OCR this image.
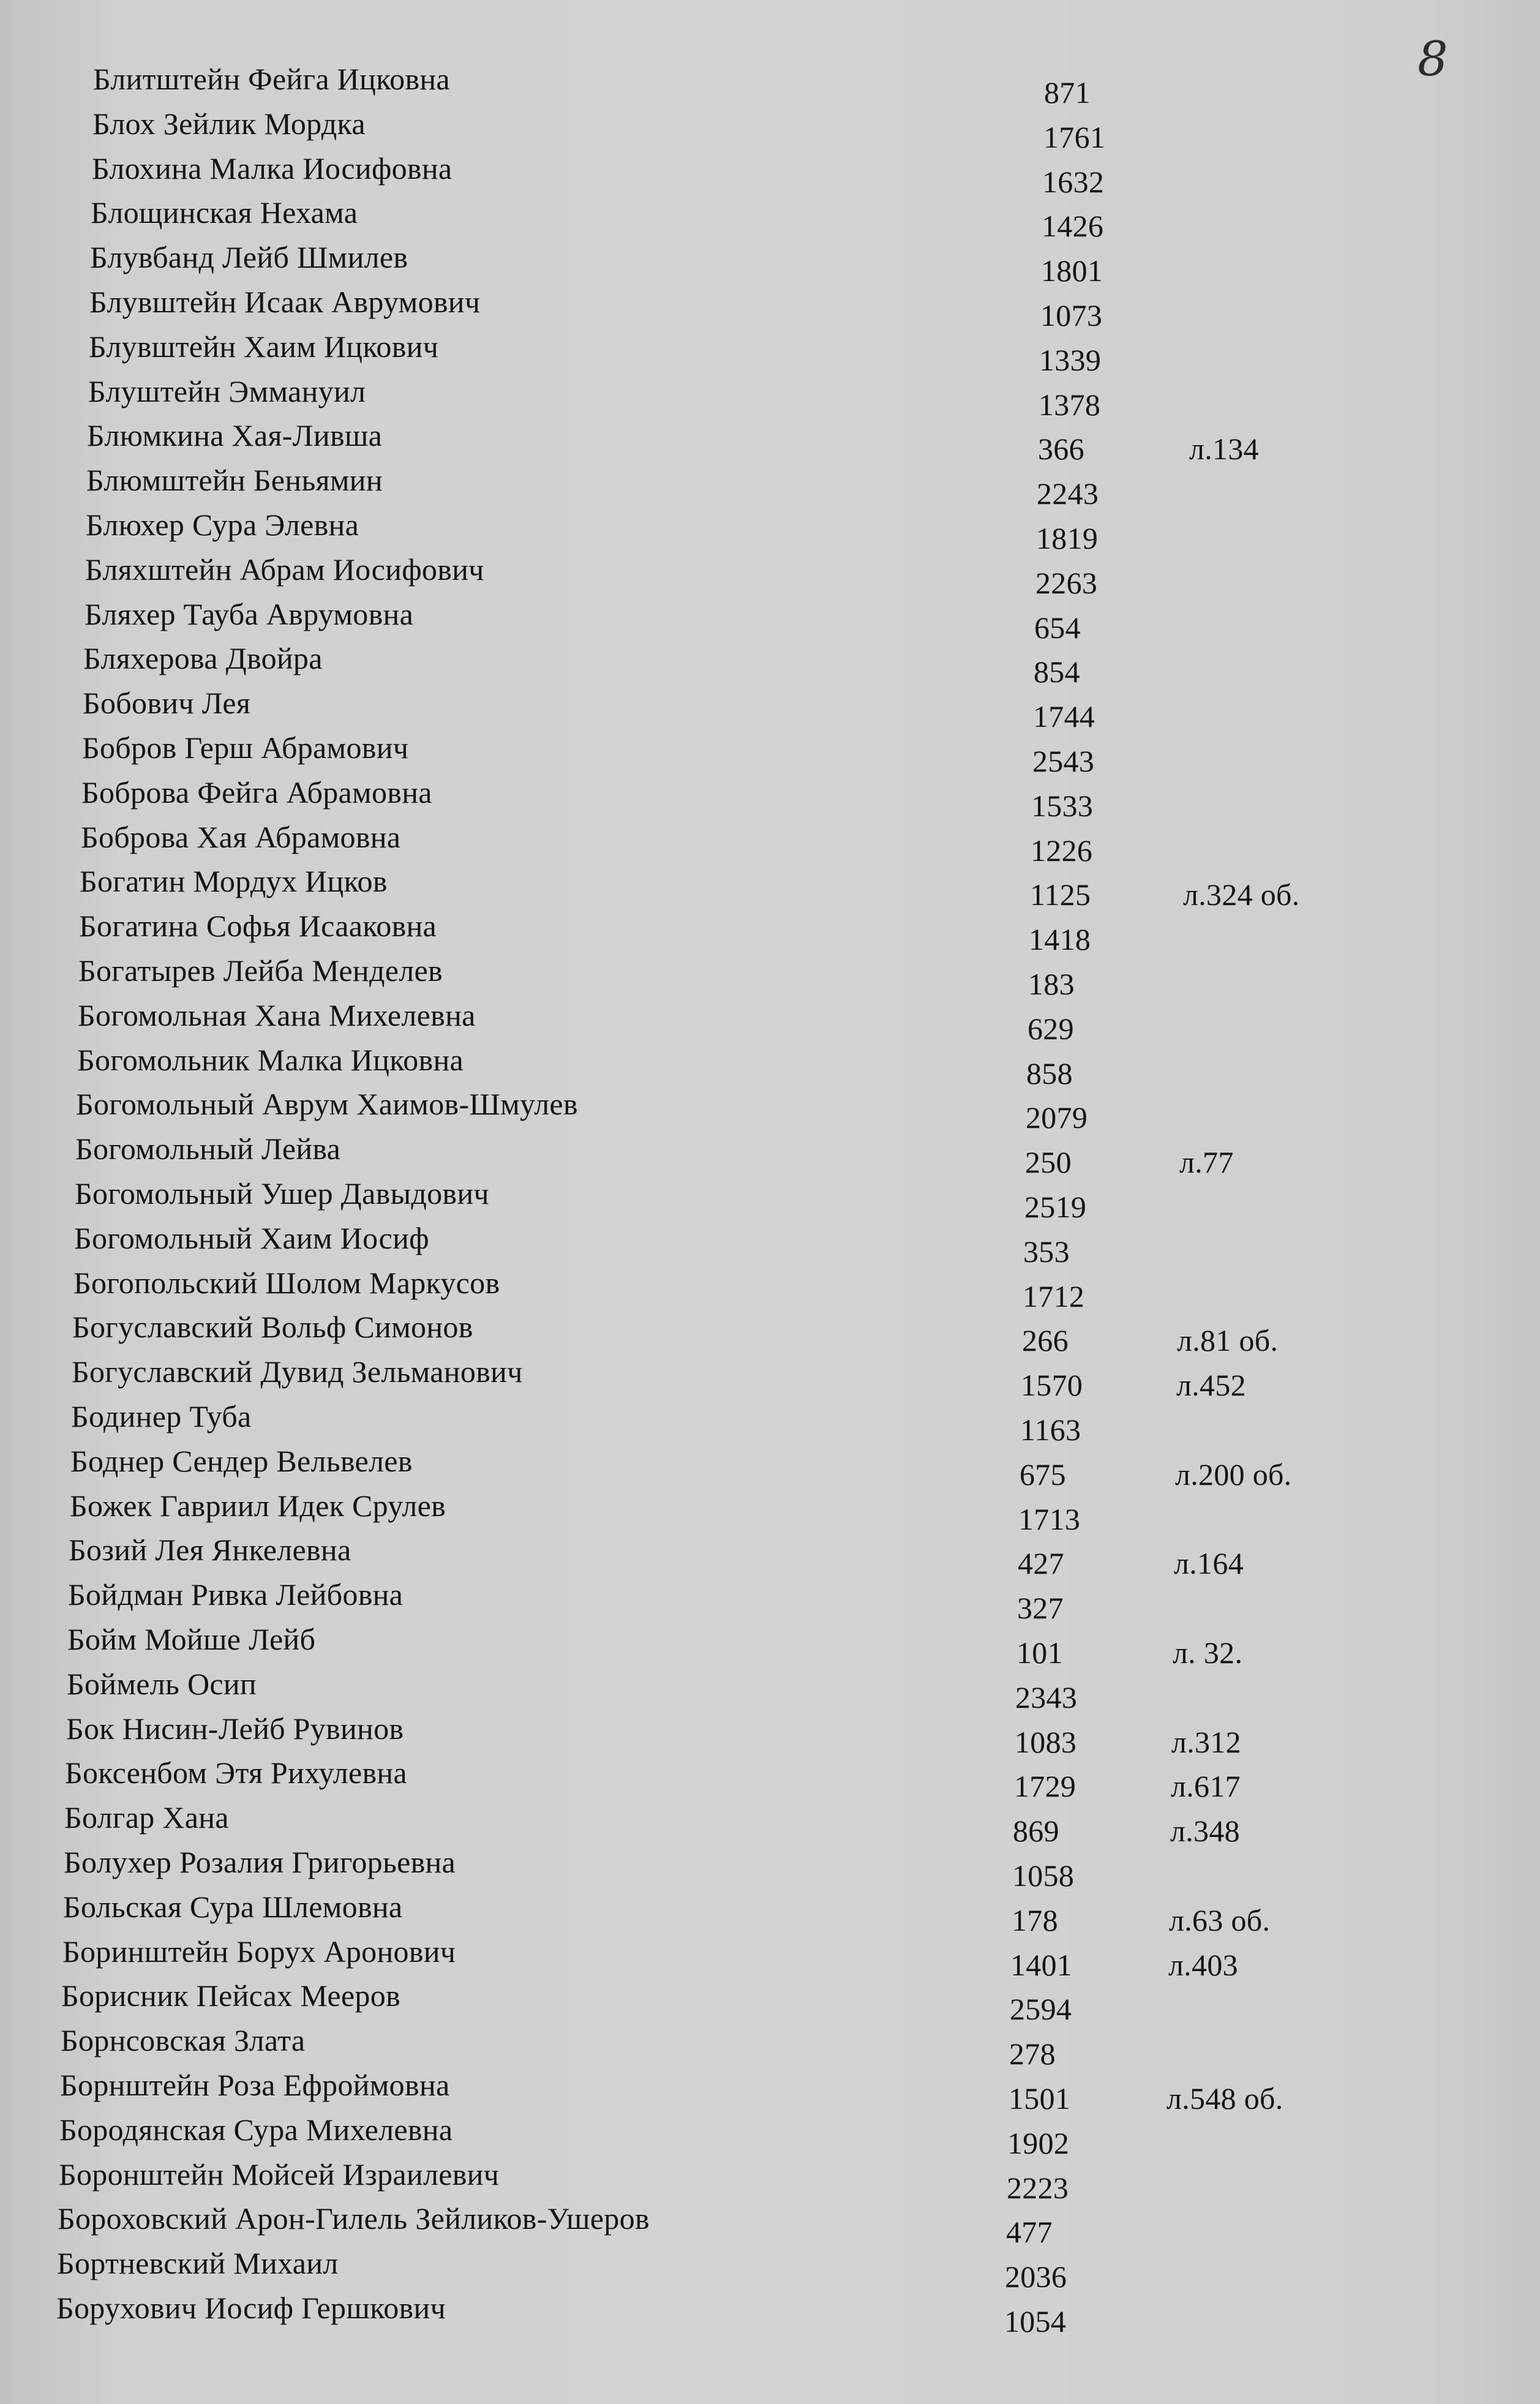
8
Блитштейн Фейга Ицковна	871
Блох Зейлик Мордка	1761
Блохина Малка Иосифовна	1632
Блощинская Нехама	1426
Блувбанд Лейб Шмилев	1801
Блувштейн Исаак Аврумович	1073
Блувштейн Хаим Ицкович	1339
Блуштейн Эммануил	1378
Блюмкина Хая-Ливша	366	л.134
Блюмштейн Беньямин	2243
Блюхер Сура Элевна	1819
Бляхштейн Абрам Иосифович	2263
Бляхер Тауба Аврумовна	654
Бляхерова Двойра	854
Бобович Лея	1744
Бобров Герш Абрамович	2543
Боброва Фейга Абрамовна	1533
Боброва Хая Абрамовна	1226
Богатин Мордух Ицков	1125	л.324 об.
Богатина Софья Исааковна	1418
Богатырев Лейба Менделев	183
Богомольная Хана Михелевна	629
Богомольник Малка Ицковна	858
Богомольный Аврум Хаимов-Шмулев	2079
Богомольный Лейва	250	л.77
Богомольный Ушер Давыдович	2519
Богомольный Хаим Иосиф	353
Богопольский Шолом Маркусов	1712
Богуславский Вольф Симонов	266	л.81 об.
Богуславский Дувид Зельманович	1570	л.452
Бодинер Туба	1163
Боднер Сендер Вельвелев	675	л.200 об.
Божек Гавриил Идек Срулев	1713
Бозий Лея Янкелевна	427	л.164
Бойдман Ривка Лейбовна	327
Бойм Мойше Лейб	101	л. 32.
Боймель Осип	2343
Бок Нисин-Лейб Рувинов	1083	л.312
Боксенбом Этя Рихулевна	1729	л.617
Болгар Хана	869	л.348
Болухер Розалия Григорьевна	1058
Больская Сура Шлемовна	178	л.63 об.
Боринштейн Борух Аронович	1401	л.403
Борисник Пейсах Мееров	2594
Борнсовская Злата	278
Борнштейн Роза Ефроймовна	1501	л.548 об.
Бородянская Сура Михелевна	1902
Боронштейн Мойсей Израилевич	2223
Бороховский Арон-Гилель Зейликов-Ушеров	477
Бортневский Михаил	2036
Борухович Иосиф Гершкович	1054
